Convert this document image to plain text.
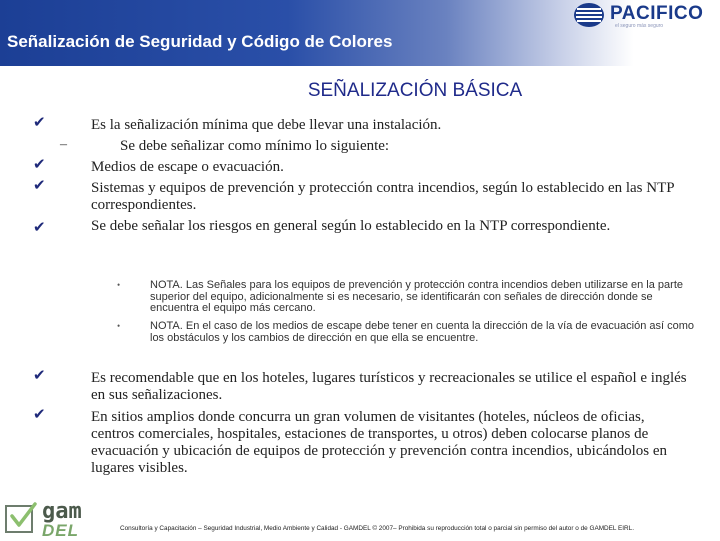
Señalización de Seguridad y Código de Colores
PACIFICO
el seguro más seguro
SEÑALIZACIÓN BÁSICA
✔
✔
✔
✔
✔
✔
Es la señalización mínima que debe llevar una instalación.
–	Se debe señalizar como mínimo lo siguiente:
Medios de escape o evacuación.
Sistemas y equipos de prevención y protección contra incendios, según lo establecido en las NTP correspondientes.
Se debe señalar los riesgos en general según lo establecido en la NTP correspondiente.
•	NOTA. Las Señales para los equipos de prevención y protección contra incendios deben utilizarse en la parte superior del equipo, adicionalmente si es necesario, se identificarán con señales de dirección donde se encuentra el equipo más cercano.
•	NOTA. En el caso de los medios de escape debe tener en cuenta la dirección de la vía de evacuación así como los obstáculos y los cambios de dirección en que ella se encuentre.
Es recomendable que en los hoteles, lugares turísticos y recreacionales se utilice el español e inglés en sus señalizaciones.
En sitios amplios donde concurra un gran volumen de visitantes (hoteles, núcleos de oficias, centros comerciales, hospitales, estaciones de transportes, u otros) deben colocarse planos de evacuación y ubicación de equipos de protección y prevención contra incendios, ubicándolos en lugares visibles.
gam
DEL	Consultoría y Capacitación – Seguridad Industrial, Medio Ambiente y Calidad - GAMDEL © 2007– Prohibida su reproducción total o parcial sin permiso del autor o de GAMDEL EIRL.
